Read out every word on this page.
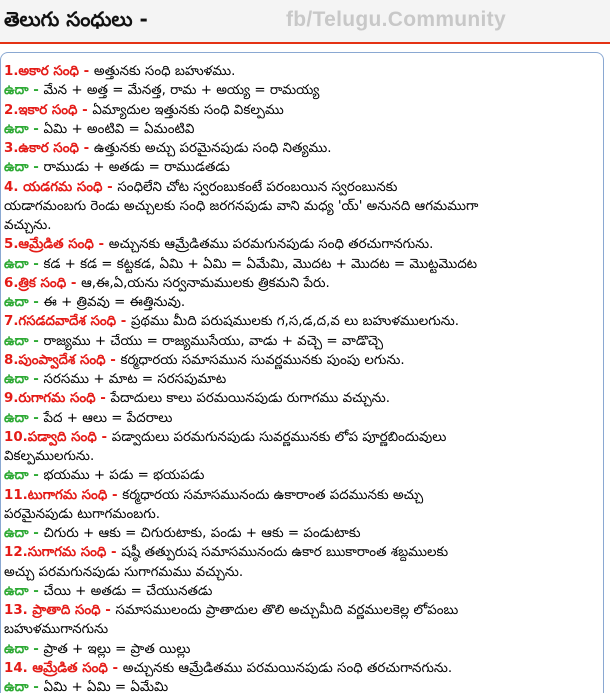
తెలుగు సంధులు -	fb/Telugu.Community
1.అకార సంధి - అత్తునకు సంధి బహుళము.
ఉదా - మేన + అత్త = మేనత్త, రామ + అయ్య = రామయ్య
2.ఇకార సంధి - ఏమ్యాదుల ఇత్తునకు సంధి వికల్పము
ఉదా - ఏమి + అంటివి = ఏమంటివి
3.ఉకార సంధి - ఉత్తునకు అచ్చు పరమైనపుడు సంధి నిత్యము.
ఉదా - రాముడు + అతడు = రాముడతడు
4. యడగమ సంధి - సంధిలేని చోట స్వరంబుకంటే పరంబయిన స్వరంబునకు
యడాగమంబగు రెండు అచ్చులకు సంధి జరగనపుడు వాని మధ్య 'య్' అనునది ఆగమముగా
వచ్చును.
5.ఆమ్రేడిత సంధి - అచ్చునకు ఆమ్రేడితము పరమగునపుడు సంధి తరచుగానగును.
ఉదా - కడ + కడ = కట్టకడ, ఏమి + ఏమి = ఏమేమి, మొదట + మొదట = మొట్టమొదట
6.త్రిక సంధి - ఆ,ఈ,ఏ,యను సర్వనామములకు త్రికమని పేరు.
ఉదా - ఈ + త్రివవు = ఈత్తినువు.
7.గసడదవాదేశ సంధి - ప్రథము మీది పరుషములకు గ,స,డ,ద,వ లు బహుళములగును.
ఉదా - రాజ్యము + చేయు = రాజ్యముసేయు, వాడు + వచ్చె = వాడొచ్చె
8.పుంప్వాదేశ సంధి - కర్మధారయ సమాసమున సువర్ణమునకు పుంపు లగును.
ఉదా - సరసము + మాట = సరసపుమాట
9.రుగాగమ సంధి - పేదాదులు కాలు పరమయినపుడు రుగాగము వచ్చును.
ఉదా - పేద + ఆలు = పేదరాలు
10.పడ్వాది సంధి - పడ్వాదులు పరమగునపుడు సువర్ణమునకు లోప పూర్ణబిందువులు
వికల్పములగును.
ఉదా - భయము + పడు = భయపడు
11.టుగాగమ సంధి - కర్మధారయ సమాసమునందు ఉకారాంత పదమునకు అచ్చు
పరమైనపుడు టుగాగమంబగు.
ఉదా - చిగురు + ఆకు = చిగురుటాకు, పండు + ఆకు = పండుటాకు
12.సుగాగమ సంధి - షష్ఠీ తత్పురుష సమాసమునందు ఉకార ఋకారాంత శబ్దములకు
అచ్చు పరమగునపుడు సుగాగమము వచ్చును.
ఉదా - చేయి + అతడు = చేయునతడు
13. ప్రాతాది సంధి - సమాసములందు ప్రాతాదుల తొలి అచ్చుమీది వర్ణములకెల్ల లోపంబు
బహుళముగానగును
ఉదా - ప్రాత + ఇల్లు = ప్రాత యిల్లు
14. ఆమ్రేడిత సంధి - అచ్చునకు ఆమ్రేడితము పరమయినపుడు సంధి తరచుగానగును.
ఉదా - ఏమి + ఏమి = ఏమేమి
